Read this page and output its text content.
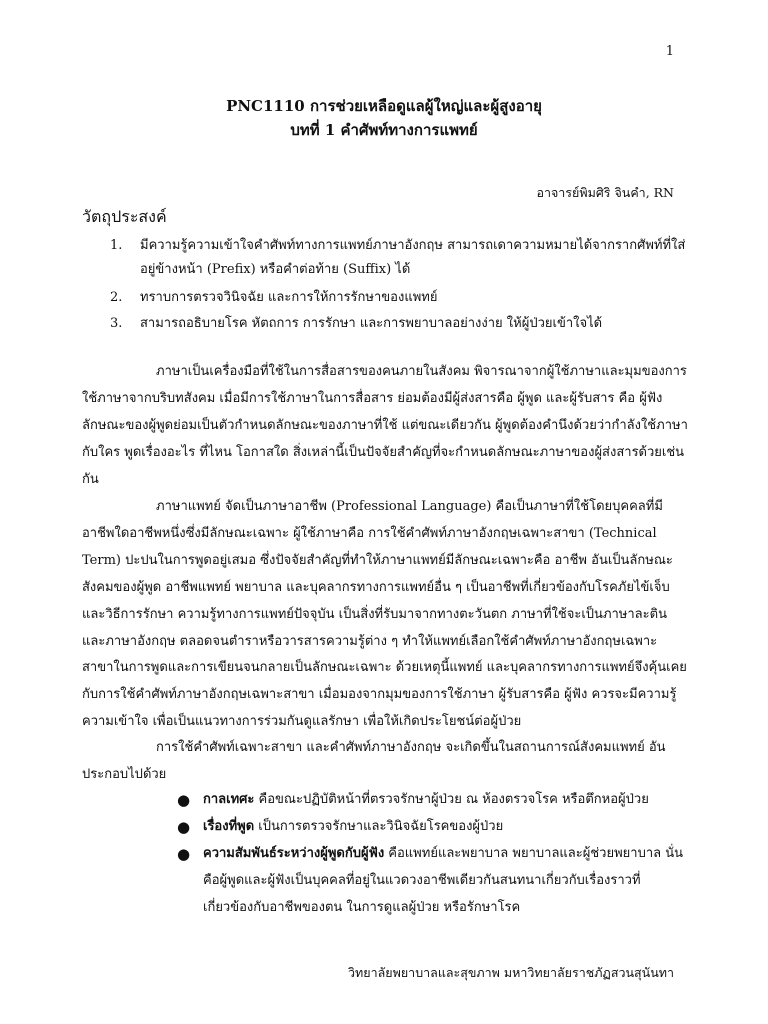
1
PNC1110 การช่วยเหลือดูแลผู้ใหญ่และผู้สูงอายุ
บทที่ 1 คำศัพท์ทางการแพทย์
อาจารย์พิมศิริ จินคำ, RN
วัตถุประสงค์
1.	มีความรู้ความเข้าใจคำศัพท์ทางการแพทย์ภาษาอังกฤษ สามารถเดาความหมายได้จากรากศัพท์ที่ใส่อยู่ข้างหน้า (Prefix) หรือคำต่อท้าย (Suffix) ได้
2.	ทราบการตรวจวินิจฉัย และการให้การรักษาของแพทย์
3.	สามารถอธิบายโรค หัตถการ การรักษา และการพยาบาลอย่างง่าย ให้ผู้ป่วยเข้าใจได้

ภาษาเป็นเครื่องมือที่ใช้ในการสื่อสารของคนภายในสังคม พิจารณาจากผู้ใช้ภาษาและมุมของการใช้ภาษาจากบริบทสังคม เมื่อมีการใช้ภาษาในการสื่อสาร ย่อมต้องมีผู้ส่งสารคือ ผู้พูด และผู้รับสาร คือ ผู้ฟัง ลักษณะของผู้พูดย่อมเป็นตัวกำหนดลักษณะของภาษาที่ใช้ แต่ขณะเดียวกัน ผู้พูดต้องคำนึงด้วยว่ากำลังใช้ภาษากับใคร พูดเรื่องอะไร ที่ไหน โอกาสใด สิ่งเหล่านี้เป็นปัจจัยสำคัญที่จะกำหนดลักษณะภาษาของผู้ส่งสารด้วยเช่นกัน

ภาษาแพทย์ จัดเป็นภาษาอาชีพ (Professional Language) คือเป็นภาษาที่ใช้โดยบุคคลที่มีอาชีพใดอาชีพหนึ่งซึ่งมีลักษณะเฉพาะ ผู้ใช้ภาษาคือ การใช้คำศัพท์ภาษาอังกฤษเฉพาะสาขา (Technical Term) ปะปนในการพูดอยู่เสมอ ซึ่งปัจจัยสำคัญที่ทำให้ภาษาแพทย์มีลักษณะเฉพาะคือ อาชีพ อันเป็นลักษณะสังคมของผู้พูด อาชีพแพทย์ พยาบาล และบุคลากรทางการแพทย์อื่น ๆ เป็นอาชีพที่เกี่ยวข้องกับโรคภัยไข้เจ็บและวิธีการรักษา ความรู้ทางการแพทย์ปัจจุบัน เป็นสิ่งที่รับมาจากทางตะวันตก ภาษาที่ใช้จะเป็นภาษาละตินและภาษาอังกฤษ ตลอดจนตำราหรือวารสารความรู้ต่าง ๆ ทำให้แพทย์เลือกใช้คำศัพท์ภาษาอังกฤษเฉพาะสาขาในการพูดและการเขียนจนกลายเป็นลักษณะเฉพาะ ด้วยเหตุนี้แพทย์ และบุคลากรทางการแพทย์จึงคุ้นเคยกับการใช้คำศัพท์ภาษาอังกฤษเฉพาะสาขา เมื่อมองจากมุมของการใช้ภาษา ผู้รับสารคือ ผู้ฟัง ควรจะมีความรู้ความเข้าใจ เพื่อเป็นแนวทางการร่วมกันดูแลรักษา เพื่อให้เกิดประโยชน์ต่อผู้ป่วย

การใช้คำศัพท์เฉพาะสาขา และคำศัพท์ภาษาอังกฤษ จะเกิดขึ้นในสถานการณ์สังคมแพทย์ อันประกอบไปด้วย

● กาลเทศะ คือขณะปฏิบัติหน้าที่ตรวจรักษาผู้ป่วย ณ ห้องตรวจโรค หรือตึกหอผู้ป่วย
● เรื่องที่พูด เป็นการตรวจรักษาและวินิจฉัยโรคของผู้ป่วย
● ความสัมพันธ์ระหว่างผู้พูดกับผู้ฟัง คือแพทย์และพยาบาล พยาบาลและผู้ช่วยพยาบาล นั่นคือผู้พูดและผู้ฟังเป็นบุคคลที่อยู่ในแวดวงอาชีพเดียวกันสนทนาเกี่ยวกับเรื่องราวที่เกี่ยวข้องกับอาชีพของตน ในการดูแลผู้ป่วย หรือรักษาโรค
วิทยาลัยพยาบาลและสุขภาพ มหาวิทยาลัยราชภัฏสวนสุนันทา
